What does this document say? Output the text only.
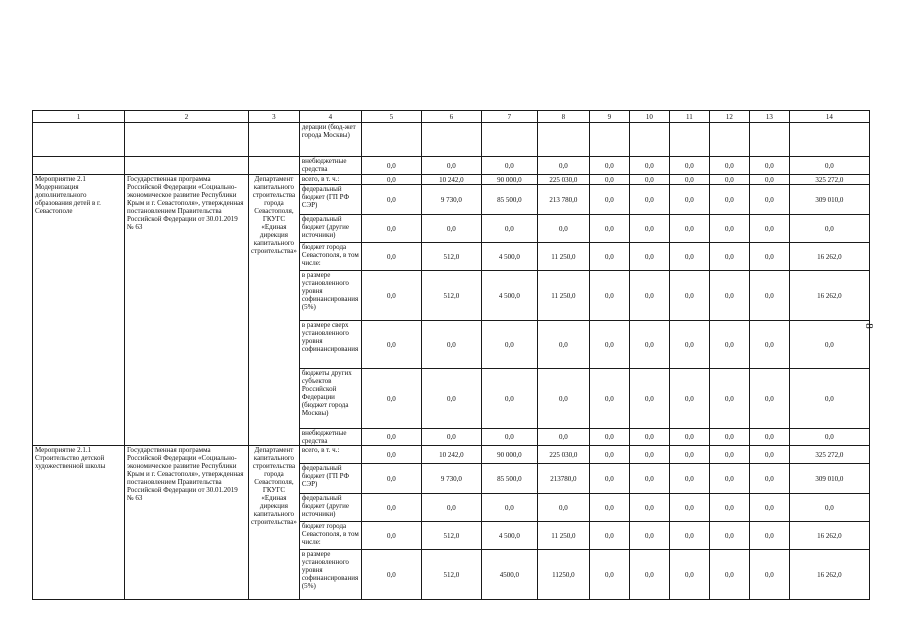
1	2	3	4	5	6	7	8	9	10	11	12	13	14
			дерации (бюд-жет города Москвы)										
			внебюджетные средства	0,0	0,0	0,0	0,0	0,0	0,0	0,0	0,0	0,0	0,0
Мероприятие 2.1 Модернизация дополнительного образования детей в г. Севастополе	Государственная программа Российской Федерации «Социально-экономическое развитие Республики Крым и г. Севастополя», утвержденная постановлением Правительства Российской Федерации от 30.01.2019 № 63	Департамент капитального строительства города Севастополя, ГКУГС «Единая дирекция капитального строительства»	всего, в т. ч.:	0,0	10 242,0	90 000,0	225 030,0	0,0	0,0	0,0	0,0	0,0	325 272,0
			федеральный бюджет (ГП РФ СЭР)	0,0	9 730,0	85 500,0	213 780,0	0,0	0,0	0,0	0,0	0,0	309 010,0
			федеральный бюджет (другие источники)	0,0	0,0	0,0	0,0	0,0	0,0	0,0	0,0	0,0	0,0
			бюджет города Севастополя, в том числе:	0,0	512,0	4 500,0	11 250,0	0,0	0,0	0,0	0,0	0,0	16 262,0
			в размере установленного уровня софинансирования (5%)	0,0	512,0	4 500,0	11 250,0	0,0	0,0	0,0	0,0	0,0	16 262,0
			в размере сверх установленного уровня софинансирования	0,0	0,0	0,0	0,0	0,0	0,0	0,0	0,0	0,0	0,0
			бюджеты других субъектов Российской Федерации (бюджет города Москвы)	0,0	0,0	0,0	0,0	0,0	0,0	0,0	0,0	0,0	0,0
			внебюджетные средства	0,0	0,0	0,0	0,0	0,0	0,0	0,0	0,0	0,0	0,0
Мероприятие 2.1.1 Строительство детской художественной школы	Государственная программа Российской Федерации «Социально-экономическое развитие Республики Крым и г. Севастополя», утвержденная постановлением Правительства Российской Федерации от 30.01.2019 № 63	Департамент капитального строительства города Севастополя, ГКУГС «Единая дирекция капитального строительства»	всего, в т. ч.:	0,0	10 242,0	90 000,0	225 030,0	0,0	0,0	0,0	0,0	0,0	325 272,0
			федеральный бюджет (ГП РФ СЭР)	0,0	9 730,0	85 500,0	213780,0	0,0	0,0	0,0	0,0	0,0	309 010,0
			федеральный бюджет (другие источники)	0,0	0,0	0,0	0,0	0,0	0,0	0,0	0,0	0,0	0,0
			бюджет города Севастополя, в том числе:	0,0	512,0	4 500,0	11 250,0	0,0	0,0	0,0	0,0	0,0	16 262,0
			в размере установленного уровня софинансирования (5%)	0,0	512,0	4500,0	11250,0	0,0	0,0	0,0	0,0	0,0	16 262,0
8
